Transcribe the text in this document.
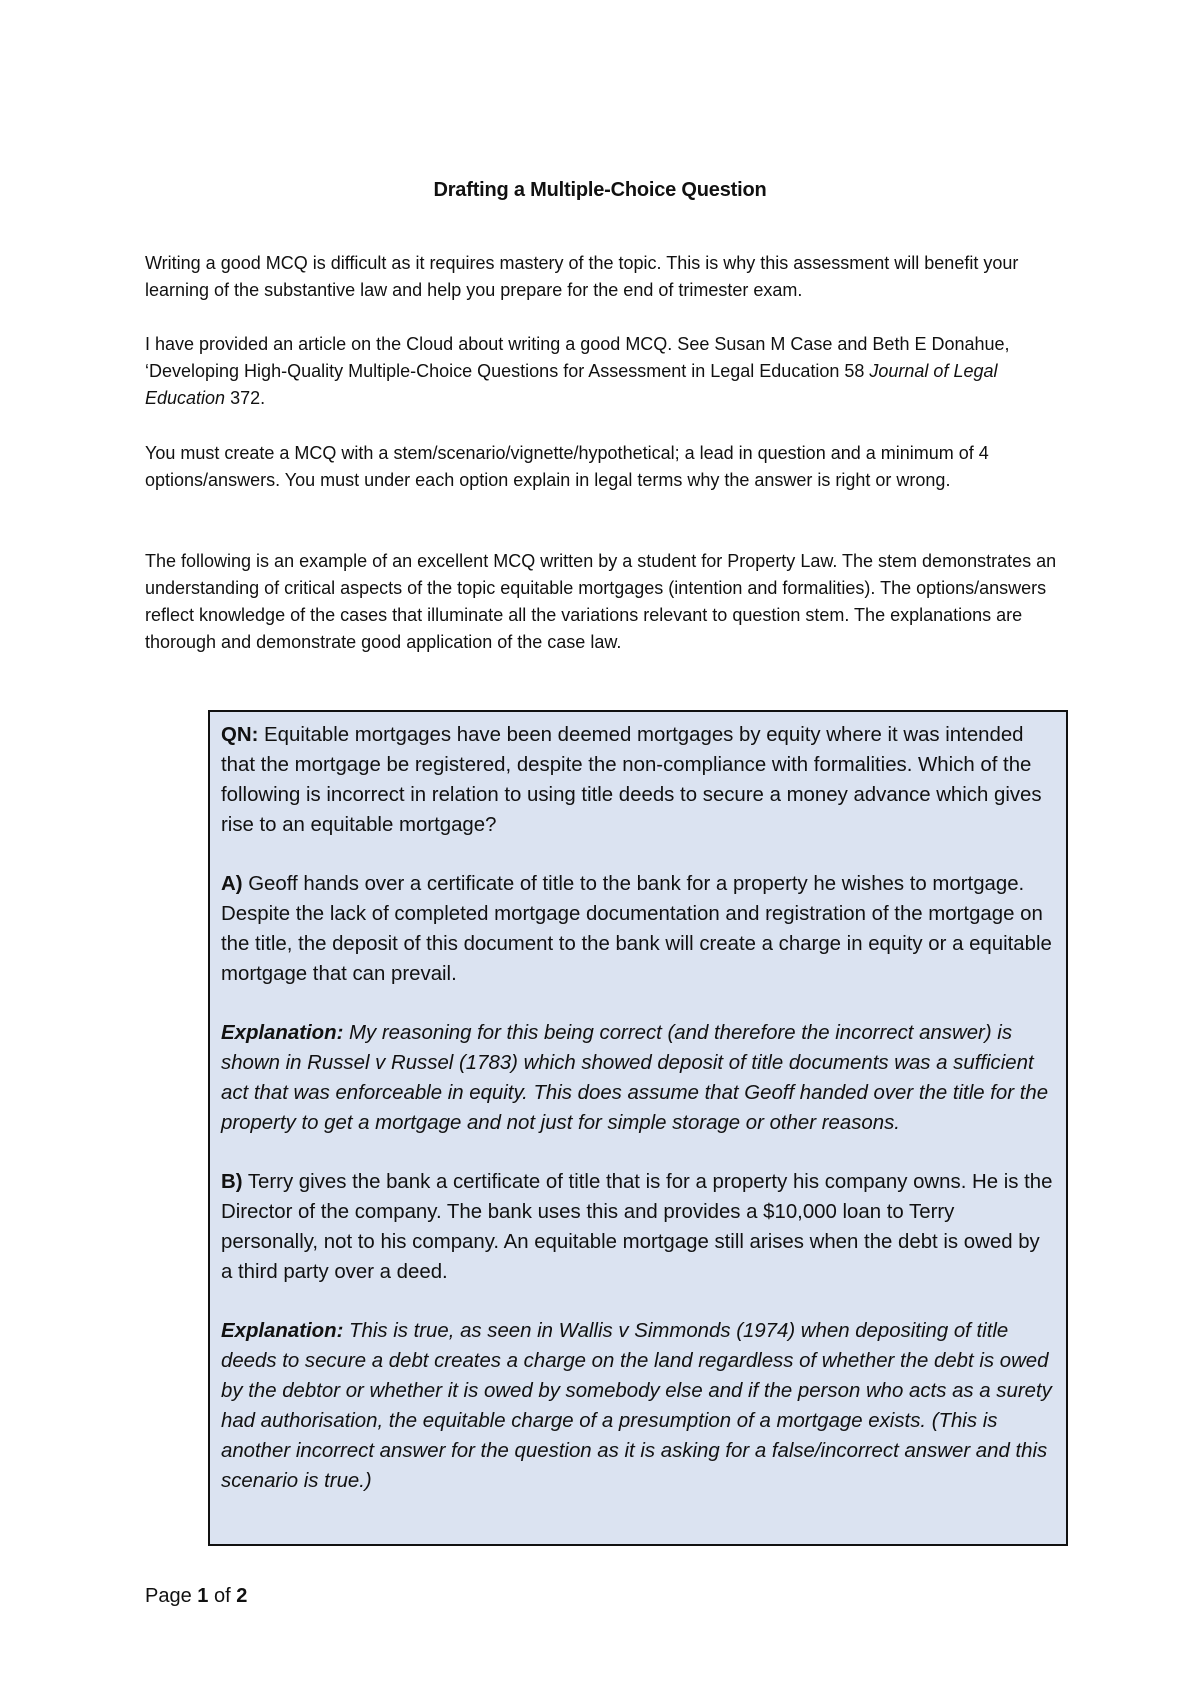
Drafting a Multiple-Choice Question

Writing a good MCQ is difficult as it requires mastery of the topic. This is why this assessment will benefit your learning of the substantive law and help you prepare for the end of trimester exam.

I have provided an article on the Cloud about writing a good MCQ. See Susan M Case and Beth E Donahue, ‘Developing High-Quality Multiple-Choice Questions for Assessment in Legal Education 58 Journal of Legal Education 372.

You must create a MCQ with a stem/scenario/vignette/hypothetical; a lead in question and a minimum of 4 options/answers. You must under each option explain in legal terms why the answer is right or wrong.

The following is an example of an excellent MCQ written by a student for Property Law. The stem demonstrates an understanding of critical aspects of the topic equitable mortgages (intention and formalities). The options/answers reflect knowledge of the cases that illuminate all the variations relevant to question stem. The explanations are thorough and demonstrate good application of the case law.

QN: Equitable mortgages have been deemed mortgages by equity where it was intended that the mortgage be registered, despite the non-compliance with formalities. Which of the following is incorrect in relation to using title deeds to secure a money advance which gives rise to an equitable mortgage?

A) Geoff hands over a certificate of title to the bank for a property he wishes to mortgage. Despite the lack of completed mortgage documentation and registration of the mortgage on the title, the deposit of this document to the bank will create a charge in equity or a equitable mortgage that can prevail.

Explanation: My reasoning for this being correct (and therefore the incorrect answer) is shown in Russel v Russel (1783) which showed deposit of title documents was a sufficient act that was enforceable in equity. This does assume that Geoff handed over the title for the property to get a mortgage and not just for simple storage or other reasons.

B) Terry gives the bank a certificate of title that is for a property his company owns. He is the Director of the company. The bank uses this and provides a $10,000 loan to Terry personally, not to his company. An equitable mortgage still arises when the debt is owed by a third party over a deed.

Explanation: This is true, as seen in Wallis v Simmonds (1974) when depositing of title deeds to secure a debt creates a charge on the land regardless of whether the debt is owed by the debtor or whether it is owed by somebody else and if the person who acts as a surety had authorisation, the equitable charge of a presumption of a mortgage exists. (This is another incorrect answer for the question as it is asking for a false/incorrect answer and this scenario is true.)

Page 1 of 2
